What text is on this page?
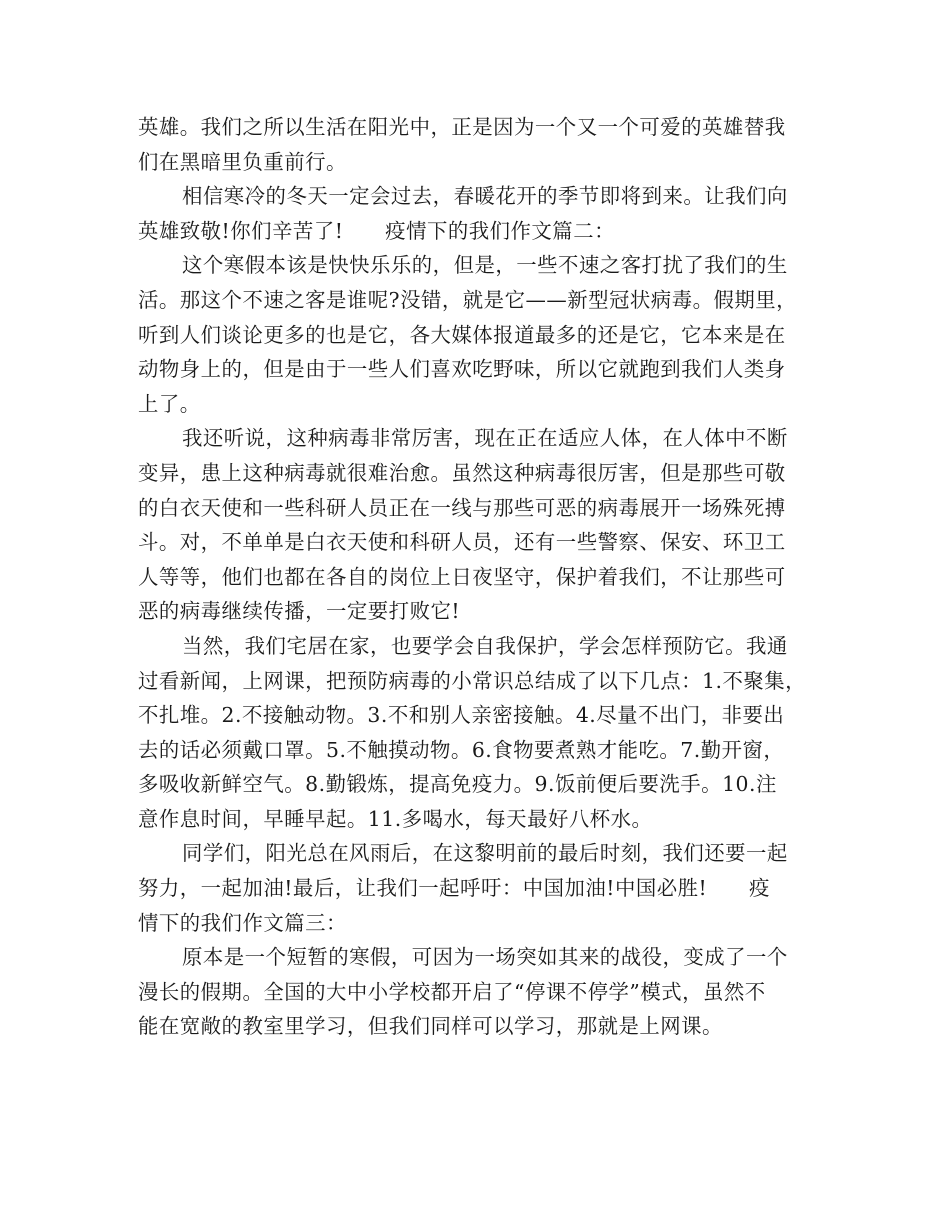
英雄。我们之所以生活在阳光中，正是因为一个又一个可爱的英雄替我
们在黑暗里负重前行。
相信寒冷的冬天一定会过去，春暖花开的季节即将到来。让我们向
英雄致敬!你们辛苦了!　　疫情下的我们作文篇二：
这个寒假本该是快快乐乐的，但是，一些不速之客打扰了我们的生
活。那这个不速之客是谁呢?没错，就是它——新型冠状病毒。假期里，
听到人们谈论更多的也是它，各大媒体报道最多的还是它，它本来是在
动物身上的，但是由于一些人们喜欢吃野味，所以它就跑到我们人类身
上了。
我还听说，这种病毒非常厉害，现在正在适应人体，在人体中不断
变异，患上这种病毒就很难治愈。虽然这种病毒很厉害，但是那些可敬
的白衣天使和一些科研人员正在一线与那些可恶的病毒展开一场殊死搏
斗。对，不单单是白衣天使和科研人员，还有一些警察、保安、环卫工
人等等，他们也都在各自的岗位上日夜坚守，保护着我们，不让那些可
恶的病毒继续传播，一定要打败它!
当然，我们宅居在家，也要学会自我保护，学会怎样预防它。我通
过看新闻，上网课，把预防病毒的小常识总结成了以下几点：1.不聚集，
不扎堆。2.不接触动物。3.不和别人亲密接触。4.尽量不出门，非要出
去的话必须戴口罩。5.不触摸动物。6.食物要煮熟才能吃。7.勤开窗，
多吸收新鲜空气。8.勤锻炼，提高免疫力。9.饭前便后要洗手。10.注
意作息时间，早睡早起。11.多喝水，每天最好八杯水。
同学们，阳光总在风雨后，在这黎明前的最后时刻，我们还要一起
努力，一起加油!最后，让我们一起呼吁：中国加油!中国必胜!　　疫
情下的我们作文篇三：
原本是一个短暂的寒假，可因为一场突如其来的战役，变成了一个
漫长的假期。全国的大中小学校都开启了“停课不停学”模式，虽然不
能在宽敞的教室里学习，但我们同样可以学习，那就是上网课。
